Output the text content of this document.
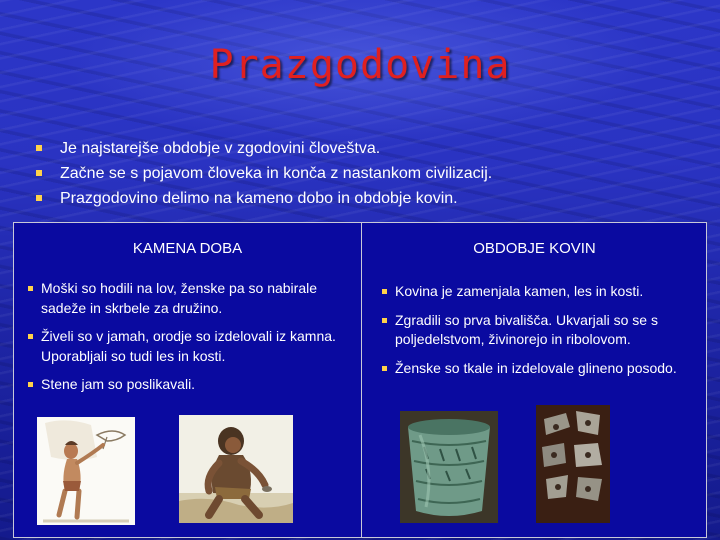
Prazgodovina
Je najstarejše obdobje v zgodovini človeštva.
Začne se s pojavom človeka in konča z nastankom civilizacij.
Prazgodovino delimo na kameno dobo in obdobje kovin.
KAMENA DOBA
Moški so hodili na lov, ženske pa so nabirale sadeže in skrbele za družino.
Živeli so v jamah, orodje so izdelovali iz kamna. Uporabljali so tudi les in kosti.
Stene jam so poslikavali.
OBDOBJE KOVIN
Kovina je zamenjala kamen, les in kosti.
Zgradili so prva bivališča. Ukvarjali so se s poljedelstvom, živinorejo in ribolovom.
Ženske so tkale in izdelovale glineno posodo.
